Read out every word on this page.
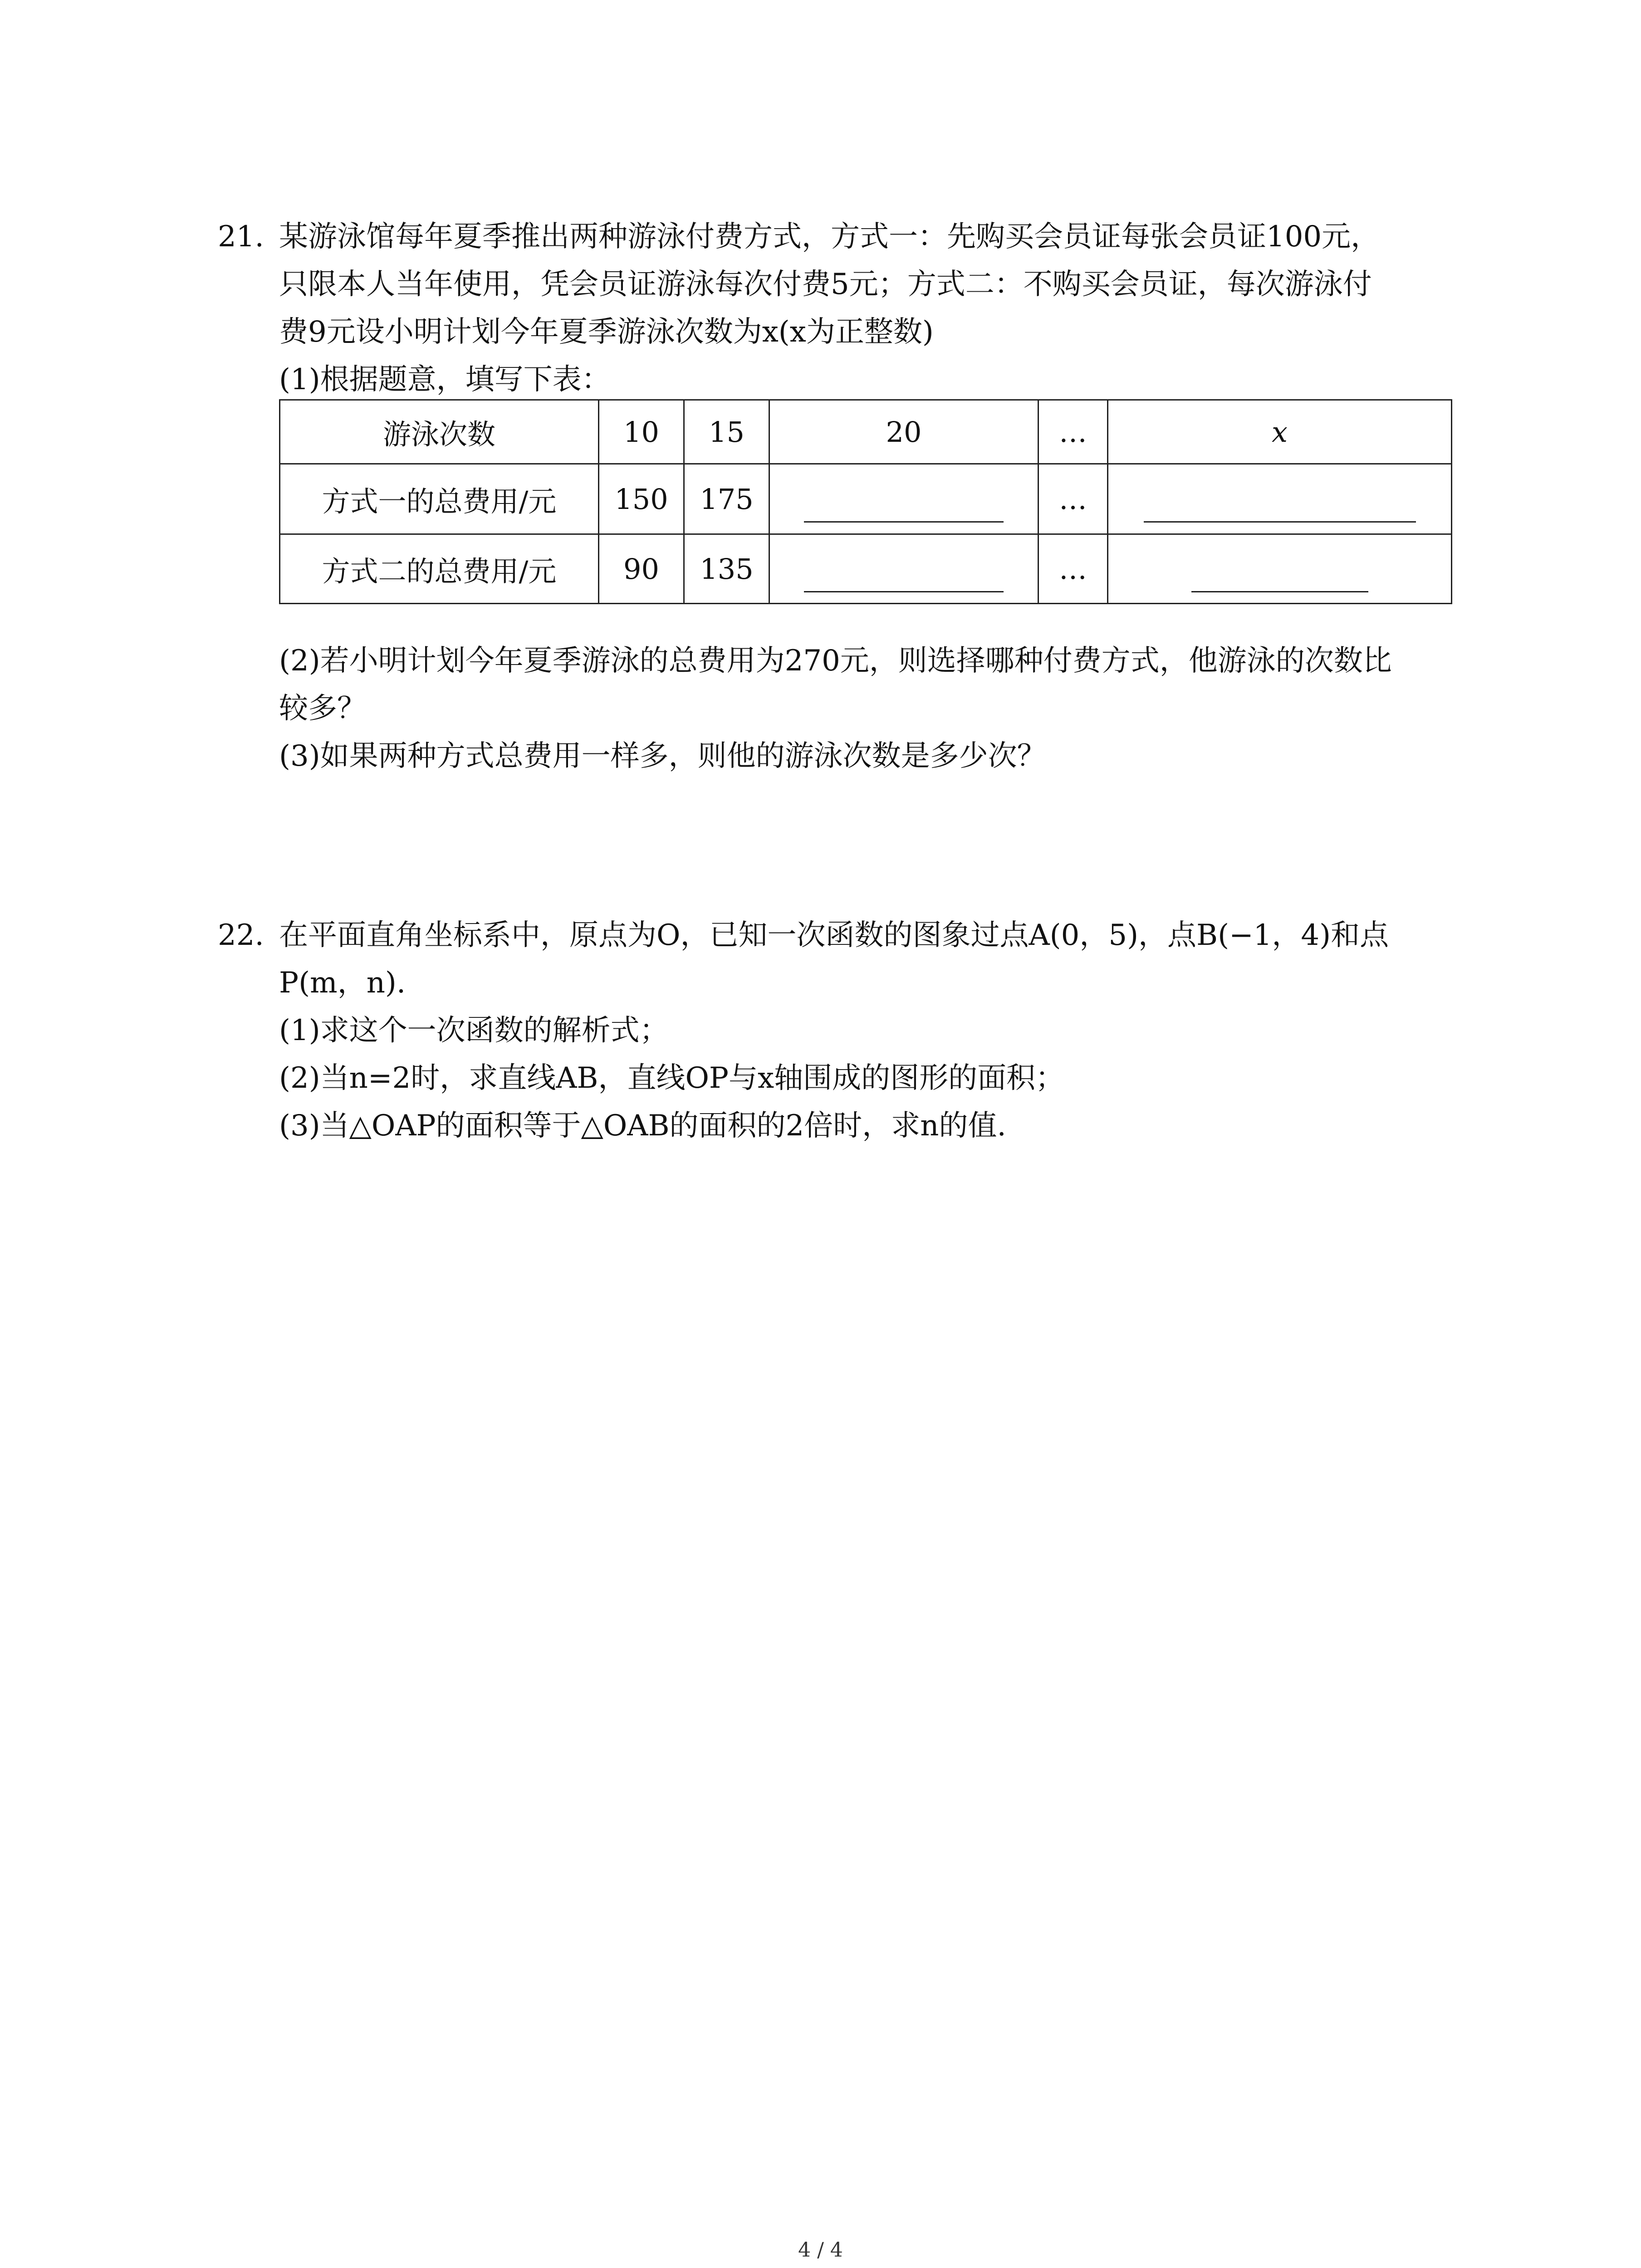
21. 某游泳馆每年夏季推出两种游泳付费方式，方式一：先购买会员证每张会员证100元，
只限本人当年使用，凭会员证游泳每次付费5元；方式二：不购买会员证，每次游泳付
费9元设小明计划今年夏季游泳次数为x(x为正整数)
(1)根据题意，填写下表：
游泳次数	10	15	20	…	x
方式一的总费用/元	150	175		…	
方式二的总费用/元	90	135		…	
(2)若小明计划今年夏季游泳的总费用为270元，则选择哪种付费方式，他游泳的次数比
较多？
(3)如果两种方式总费用一样多，则他的游泳次数是多少次？
22. 在平面直角坐标系中，原点为O，已知一次函数的图象过点A(0，5)，点B(−1，4)和点
P(m，n).
(1)求这个一次函数的解析式；
(2)当n=2时，求直线AB，直线OP与x轴围成的图形的面积；
(3)当△OAP的面积等于△OAB的面积的2倍时，求n的值.
4 / 4
